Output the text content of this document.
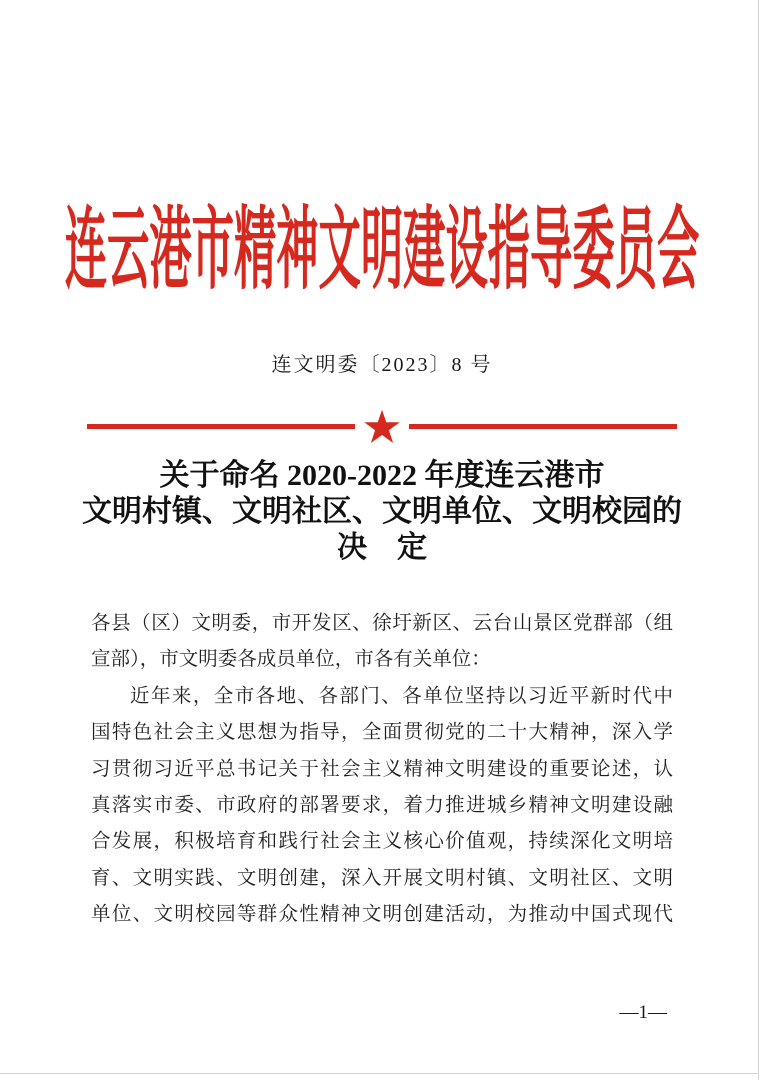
连云港市精神文明建设指导委员会
连文明委〔2023〕8 号
关于命名 2020-2022 年度连云港市
文明村镇、文明社区、文明单位、文明校园的
决　定
各县（区）文明委，市开发区、徐圩新区、云台山景区党群部（组
宣部），市文明委各成员单位，市各有关单位：
近年来，全市各地、各部门、各单位坚持以习近平新时代中
国特色社会主义思想为指导，全面贯彻党的二十大精神，深入学
习贯彻习近平总书记关于社会主义精神文明建设的重要论述，认
真落实市委、市政府的部署要求，着力推进城乡精神文明建设融
合发展，积极培育和践行社会主义核心价值观，持续深化文明培
育、文明实践、文明创建，深入开展文明村镇、文明社区、文明
单位、文明校园等群众性精神文明创建活动，为推动中国式现代
—1—
